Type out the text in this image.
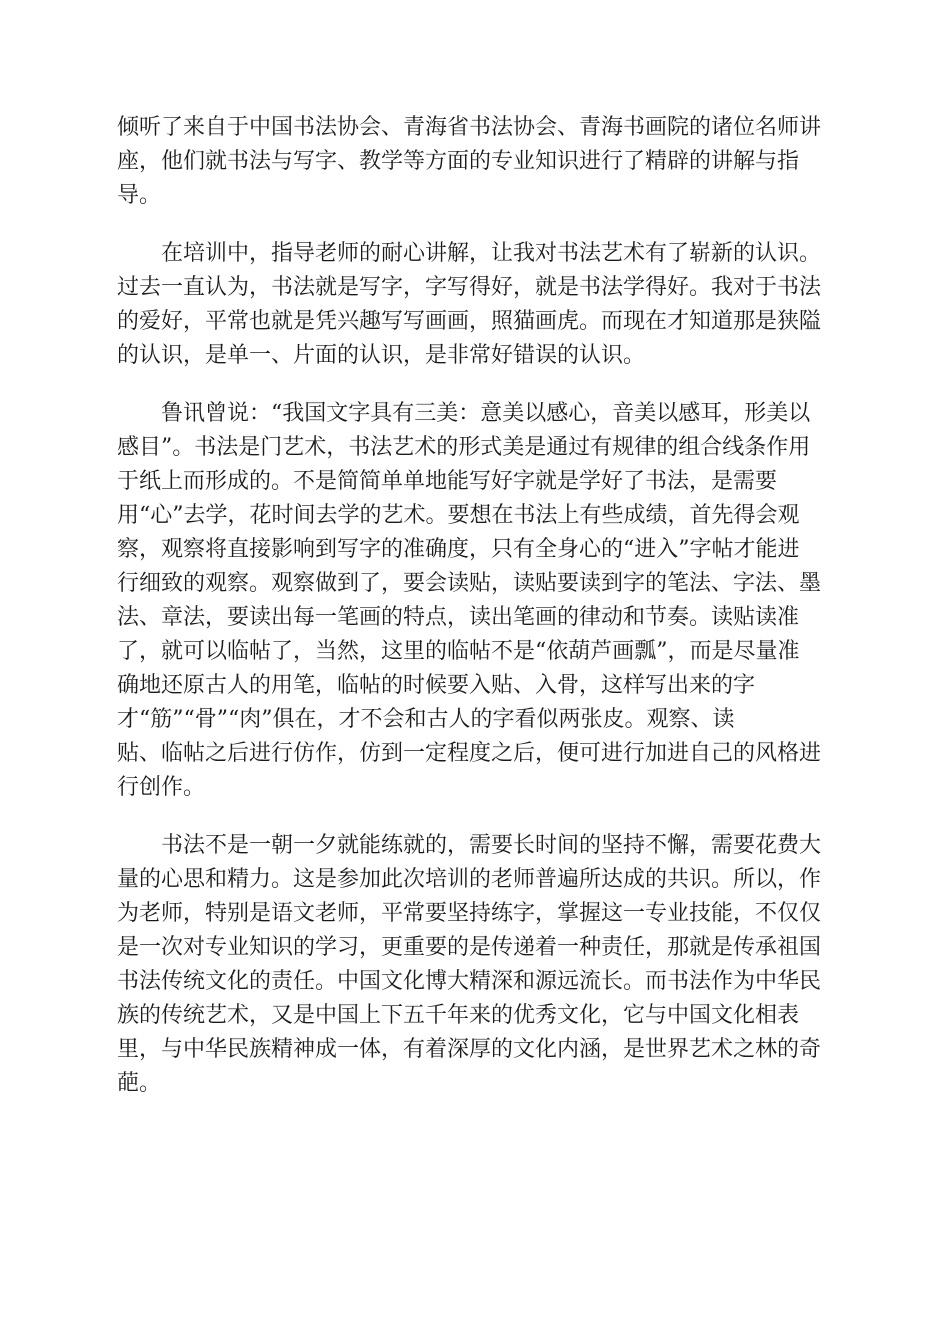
倾听了来自于中国书法协会、青海省书法协会、青海书画院的诸位名师讲
座，他们就书法与写字、教学等方面的专业知识进行了精辟的讲解与指
导。

在培训中，指导老师的耐心讲解，让我对书法艺术有了崭新的认识。
过去一直认为，书法就是写字，字写得好，就是书法学得好。我对于书法
的爱好，平常也就是凭兴趣写写画画，照猫画虎。而现在才知道那是狭隘
的认识，是单一、片面的认识，是非常好错误的认识。

鲁讯曾说：“我国文字具有三美：意美以感心，音美以感耳，形美以
感目”。书法是门艺术，书法艺术的形式美是通过有规律的组合线条作用
于纸上而形成的。不是简简单单地能写好字就是学好了书法，是需要
用“心”去学，花时间去学的艺术。要想在书法上有些成绩，首先得会观
察，观察将直接影响到写字的准确度，只有全身心的“进入”字帖才能进
行细致的观察。观察做到了，要会读贴，读贴要读到字的笔法、字法、墨
法、章法，要读出每一笔画的特点，读出笔画的律动和节奏。读贴读准
了，就可以临帖了，当然，这里的临帖不是“依葫芦画瓢”，而是尽量准
确地还原古人的用笔，临帖的时候要入贴、入骨，这样写出来的字
才“筋”“骨”“肉”俱在，才不会和古人的字看似两张皮。观察、读
贴、临帖之后进行仿作，仿到一定程度之后，便可进行加进自己的风格进
行创作。

书法不是一朝一夕就能练就的，需要长时间的坚持不懈，需要花费大
量的心思和精力。这是参加此次培训的老师普遍所达成的共识。所以，作
为老师，特别是语文老师，平常要坚持练字，掌握这一专业技能，不仅仅
是一次对专业知识的学习，更重要的是传递着一种责任，那就是传承祖国
书法传统文化的责任。中国文化博大精深和源远流长。而书法作为中华民
族的传统艺术，又是中国上下五千年来的优秀文化，它与中国文化相表
里，与中华民族精神成一体，有着深厚的文化内涵，是世界艺术之林的奇
葩。
